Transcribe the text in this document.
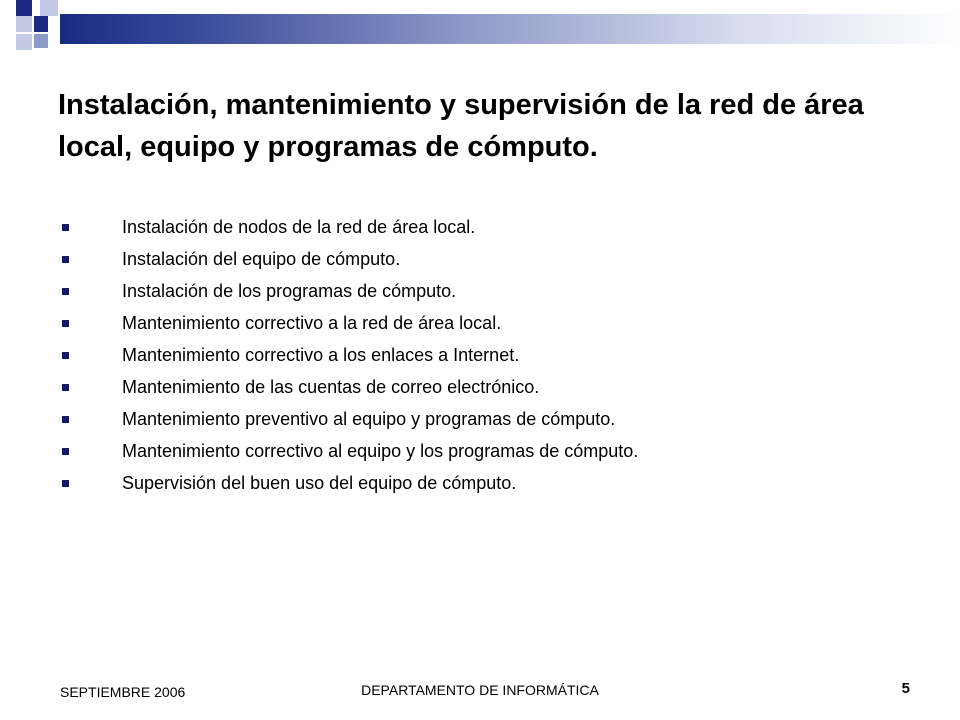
Instalación, mantenimiento y supervisión de la red de área local, equipo y programas de cómputo.
Instalación de nodos de la red de área local.
Instalación del equipo de cómputo.
Instalación de los programas de cómputo.
Mantenimiento correctivo a la red de área local.
Mantenimiento correctivo a los enlaces a Internet.
Mantenimiento de las cuentas de correo electrónico.
Mantenimiento preventivo al equipo y programas de cómputo.
Mantenimiento correctivo al equipo y los programas de cómputo.
Supervisión del buen uso del equipo de cómputo.
SEPTIEMBRE 2006	DEPARTAMENTO DE INFORMÁTICA	5
